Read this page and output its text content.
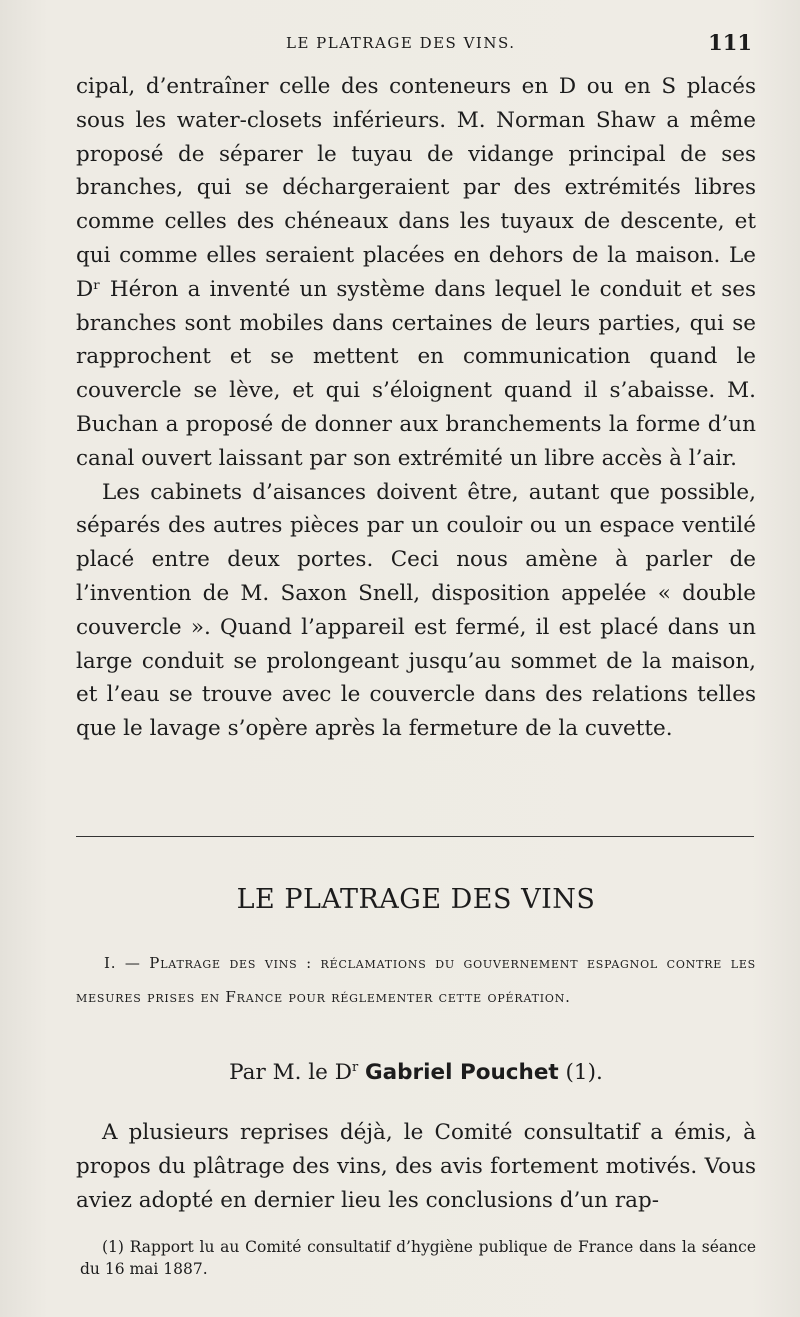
LE PLATRAGE DES VINS.	111

cipal, d’entraîner celle des conteneurs en D ou en S placés sous les water-closets inférieurs. M. Norman Shaw a même proposé de séparer le tuyau de vidange principal de ses branches, qui se déchargeraient par des extrémités libres comme celles des chéneaux dans les tuyaux de descente, et qui comme elles seraient placées en dehors de la maison. Le Dʳ Héron a inventé un système dans lequel le conduit et ses branches sont mobiles dans certaines de leurs parties, qui se rapprochent et se mettent en communication quand le couvercle se lève, et qui s’éloignent quand il s’abaisse. M. Buchan a proposé de donner aux branchements la forme d’un canal ouvert laissant par son extrémité un libre accès à l’air.

Les cabinets d’aisances doivent être, autant que possible, séparés des autres pièces par un couloir ou un espace ventilé placé entre deux portes. Ceci nous amène à parler de l’invention de M. Saxon Snell, disposition appelée « double couvercle ». Quand l’appareil est fermé, il est placé dans un large conduit se prolongeant jusqu’au sommet de la maison, et l’eau se trouve avec le couvercle dans des relations telles que le lavage s’opère après la fermeture de la cuvette.

LE PLATRAGE DES VINS
I. — Platrage des vins : réclamations du gouvernement espagnol contre les mesures prises en France pour réglementer cette opération.
Par M. le $D^r$ Gabriel Pouchet (1).

A plusieurs reprises déjà, le Comité consultatif a émis, à propos du plâtrage des vins, des avis fortement motivés. Vous aviez adopté en dernier lieu les conclusions d’un rap-

(1) Rapport lu au Comité consultatif d’hygiène publique de France dans la séance du 16 mai 1887.
